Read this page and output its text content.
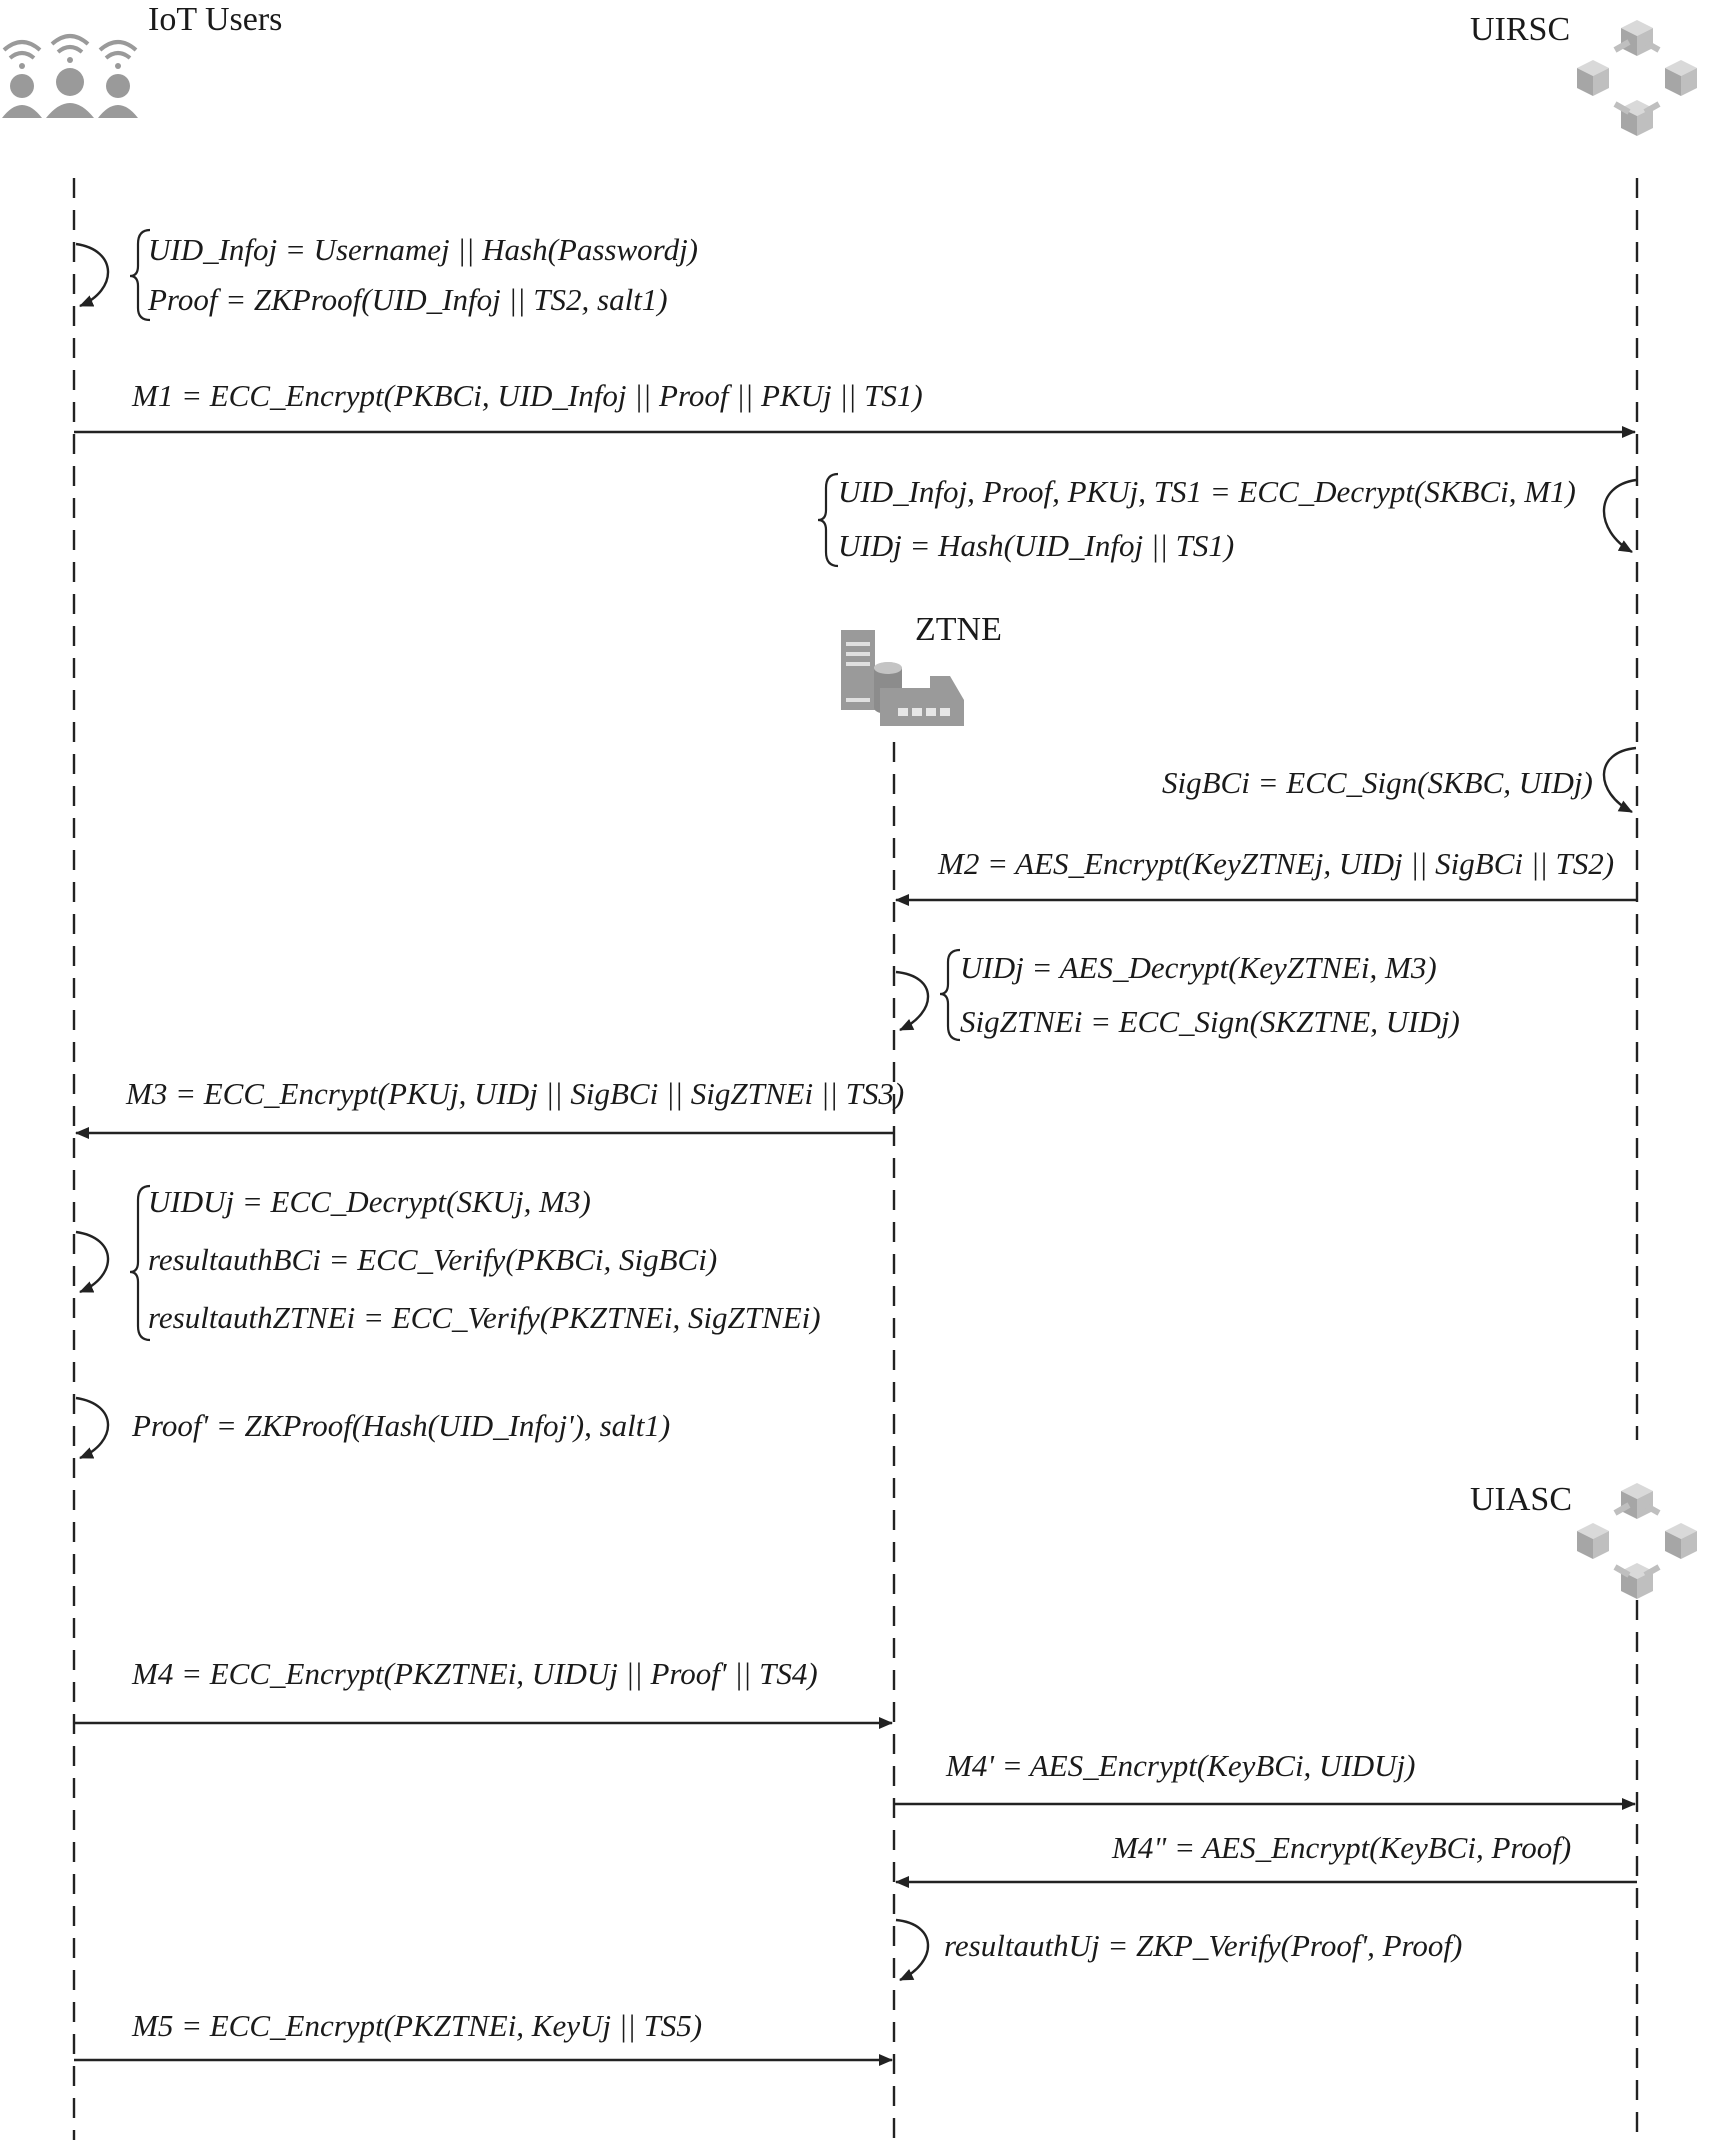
IoT Users	UIRSC
UIASC
ZTNE
UID_Infoj = Usernamej || Hash(Passwordj)
Proof = ZKProof(UID_Infoj || TS2, salt1)
M1 = ECC_Encrypt(PKBCi, UID_Infoj || Proof || PKUj || TS1)
UID_Infoj, Proof, PKUj, TS1 = ECC_Decrypt(SKBCi, M1)
UIDj = Hash(UID_Infoj || TS1)
SigBCi = ECC_Sign(SKBC, UIDj)
M2 = AES_Encrypt(KeyZTNEj, UIDj || SigBCi || TS2)
UIDj = AES_Decrypt(KeyZTNEi, M3)
SigZTNEi = ECC_Sign(SKZTNE, UIDj)
M3 = ECC_Encrypt(PKUj, UIDj || SigBCi || SigZTNEi || TS3)
UIDUj = ECC_Decrypt(SKUj, M3)
resultauthBCi = ECC_Verify(PKBCi, SigBCi)
resultauthZTNEi = ECC_Verify(PKZTNEi, SigZTNEi)
Proof' = ZKProof(Hash(UID_Infoj'), salt1)
M4 = ECC_Encrypt(PKZTNEi, UIDUj || Proof' || TS4)
M4' = AES_Encrypt(KeyBCi, UIDUj)
M4" = AES_Encrypt(KeyBCi, Proof)
resultauthUj = ZKP_Verify(Proof', Proof)
M5 = ECC_Encrypt(PKZTNEi, KeyUj || TS5)
